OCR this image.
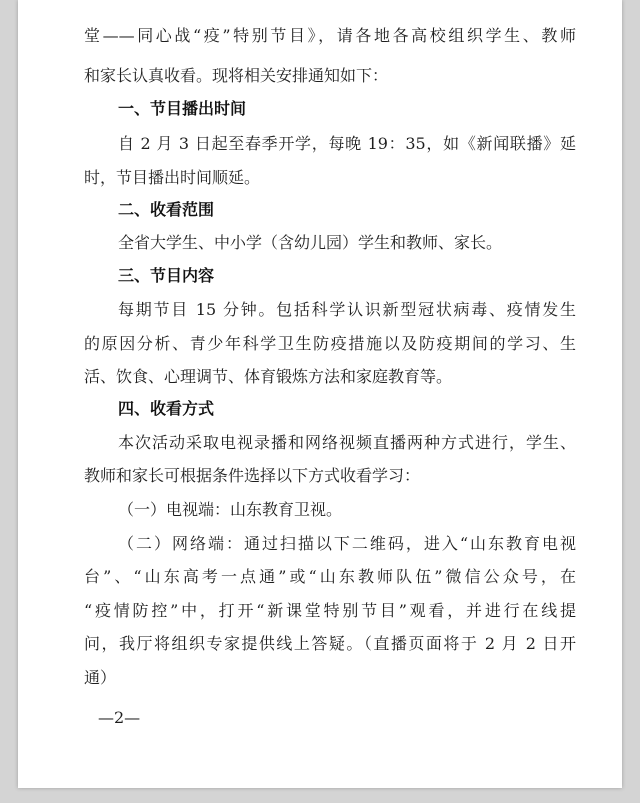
堂——同心战“疫”特别节目》，请各地各高校组织学生、教师
和家长认真收看。现将相关安排通知如下：
一、节目播出时间
自 2 月 3 日起至春季开学，每晚 19：35，如《新闻联播》延
时，节目播出时间顺延。
二、收看范围
全省大学生、中小学（含幼儿园）学生和教师、家长。
三、节目内容
每期节目 15 分钟。包括科学认识新型冠状病毒、疫情发生
的原因分析、青少年科学卫生防疫措施以及防疫期间的学习、生
活、饮食、心理调节、体育锻炼方法和家庭教育等。
四、收看方式
本次活动采取电视录播和网络视频直播两种方式进行，学生、
教师和家长可根据条件选择以下方式收看学习：
（一）电视端：山东教育卫视。
（二）网络端：通过扫描以下二维码，进入“山东教育电视
台”、“山东高考一点通”或“山东教师队伍”微信公众号，在
“疫情防控”中，打开“新课堂特别节目”观看，并进行在线提
问，我厅将组织专家提供线上答疑。（直播页面将于 2 月 2 日开
通）
—2—
